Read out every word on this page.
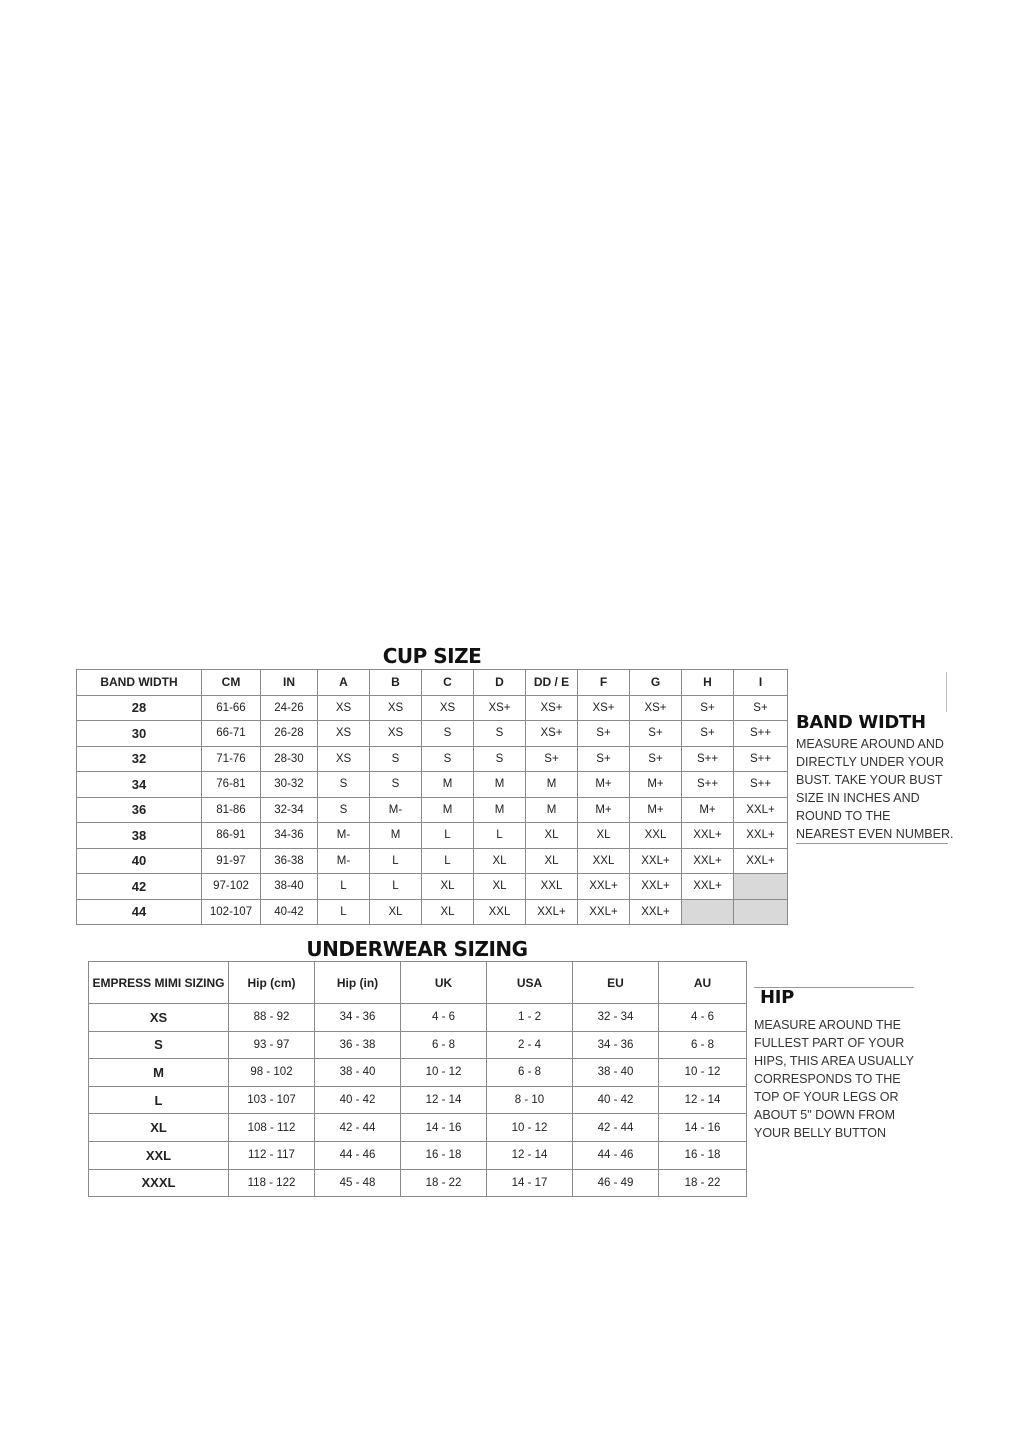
CUP SIZE
BAND WIDTH	CM	IN	A	B	C	D	DD / E	F	G	H	I
28	61-66	24-26	XS	XS	XS	XS+	XS+	XS+	XS+	S+	S+
30	66-71	26-28	XS	XS	S	S	XS+	S+	S+	S+	S++
32	71-76	28-30	XS	S	S	S	S+	S+	S+	S++	S++
34	76-81	30-32	S	S	M	M	M	M+	M+	S++	S++
36	81-86	32-34	S	M-	M	M	M	M+	M+	M+	XXL+
38	86-91	34-36	M-	M	L	L	XL	XL	XXL	XXL+	XXL+
40	91-97	36-38	M-	L	L	XL	XL	XXL	XXL+	XXL+	XXL+
42	97-102	38-40	L	L	XL	XL	XXL	XXL+	XXL+	XXL+	
44	102-107	40-42	L	XL	XL	XXL	XXL+	XXL+	XXL+		
BAND WIDTH
MEASURE AROUND AND
DIRECTLY UNDER YOUR
BUST. TAKE YOUR BUST
SIZE IN INCHES AND
ROUND TO THE
NEAREST EVEN NUMBER.
UNDERWEAR SIZING
EMPRESS MIMI SIZING	Hip (cm)	Hip (in)	UK	USA	EU	AU
XS	88 - 92	34 - 36	4 - 6	1 - 2	32 - 34	4 - 6
S	93 - 97	36 - 38	6 - 8	2 - 4	34 - 36	6 - 8
M	98 - 102	38 - 40	10 - 12	6 - 8	38 - 40	10 - 12
L	103 - 107	40 - 42	12 - 14	8 - 10	40 - 42	12 - 14
XL	108 - 112	42 - 44	14 - 16	10 - 12	42 - 44	14 - 16
XXL	112 - 117	44 - 46	16 - 18	12 - 14	44 - 46	16 - 18
XXXL	118 - 122	45 - 48	18 - 22	14 - 17	46 - 49	18 - 22
HIP
MEASURE AROUND THE
FULLEST PART OF YOUR
HIPS, THIS AREA USUALLY
CORRESPONDS TO THE
TOP OF YOUR LEGS OR
ABOUT 5" DOWN FROM
YOUR BELLY BUTTON
